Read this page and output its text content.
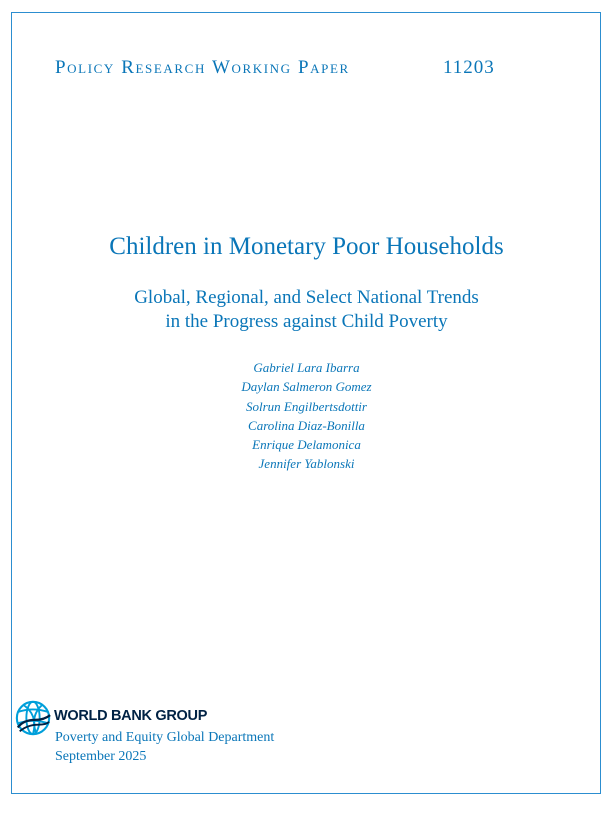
Policy Research Working Paper	11203
Children in Monetary Poor Households
Global, Regional, and Select National Trends
in the Progress against Child Poverty
Gabriel Lara Ibarra
Daylan Salmeron Gomez
Solrun Engilbertsdottir
Carolina Diaz-Bonilla
Enrique Delamonica
Jennifer Yablonski
WORLD BANK GROUP
Poverty and Equity Global Department
September 2025
